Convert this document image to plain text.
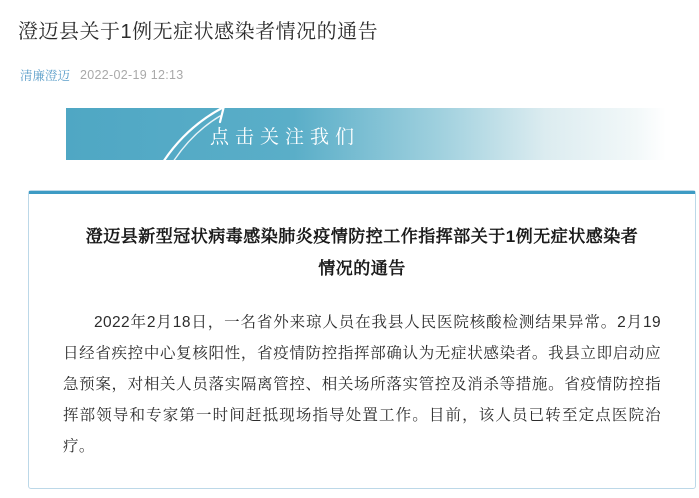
澄迈县关于1例无症状感染者情况的通告
清廉澄迈 2022-02-19 12:13
点击关注我们
澄迈县新型冠状病毒感染肺炎疫情防控工作指挥部关于1例无症状感染者情况的通告

2022年2月18日，一名省外来琼人员在我县人民医院核酸检测结果异常。2月19日经省疾控中心复核阳性，省疫情防控指挥部确认为无症状感染者。我县立即启动应急预案，对相关人员落实隔离管控、相关场所落实管控及消杀等措施。省疫情防控指挥部领导和专家第一时间赶抵现场指导处置工作。目前，该人员已转至定点医院治疗。
